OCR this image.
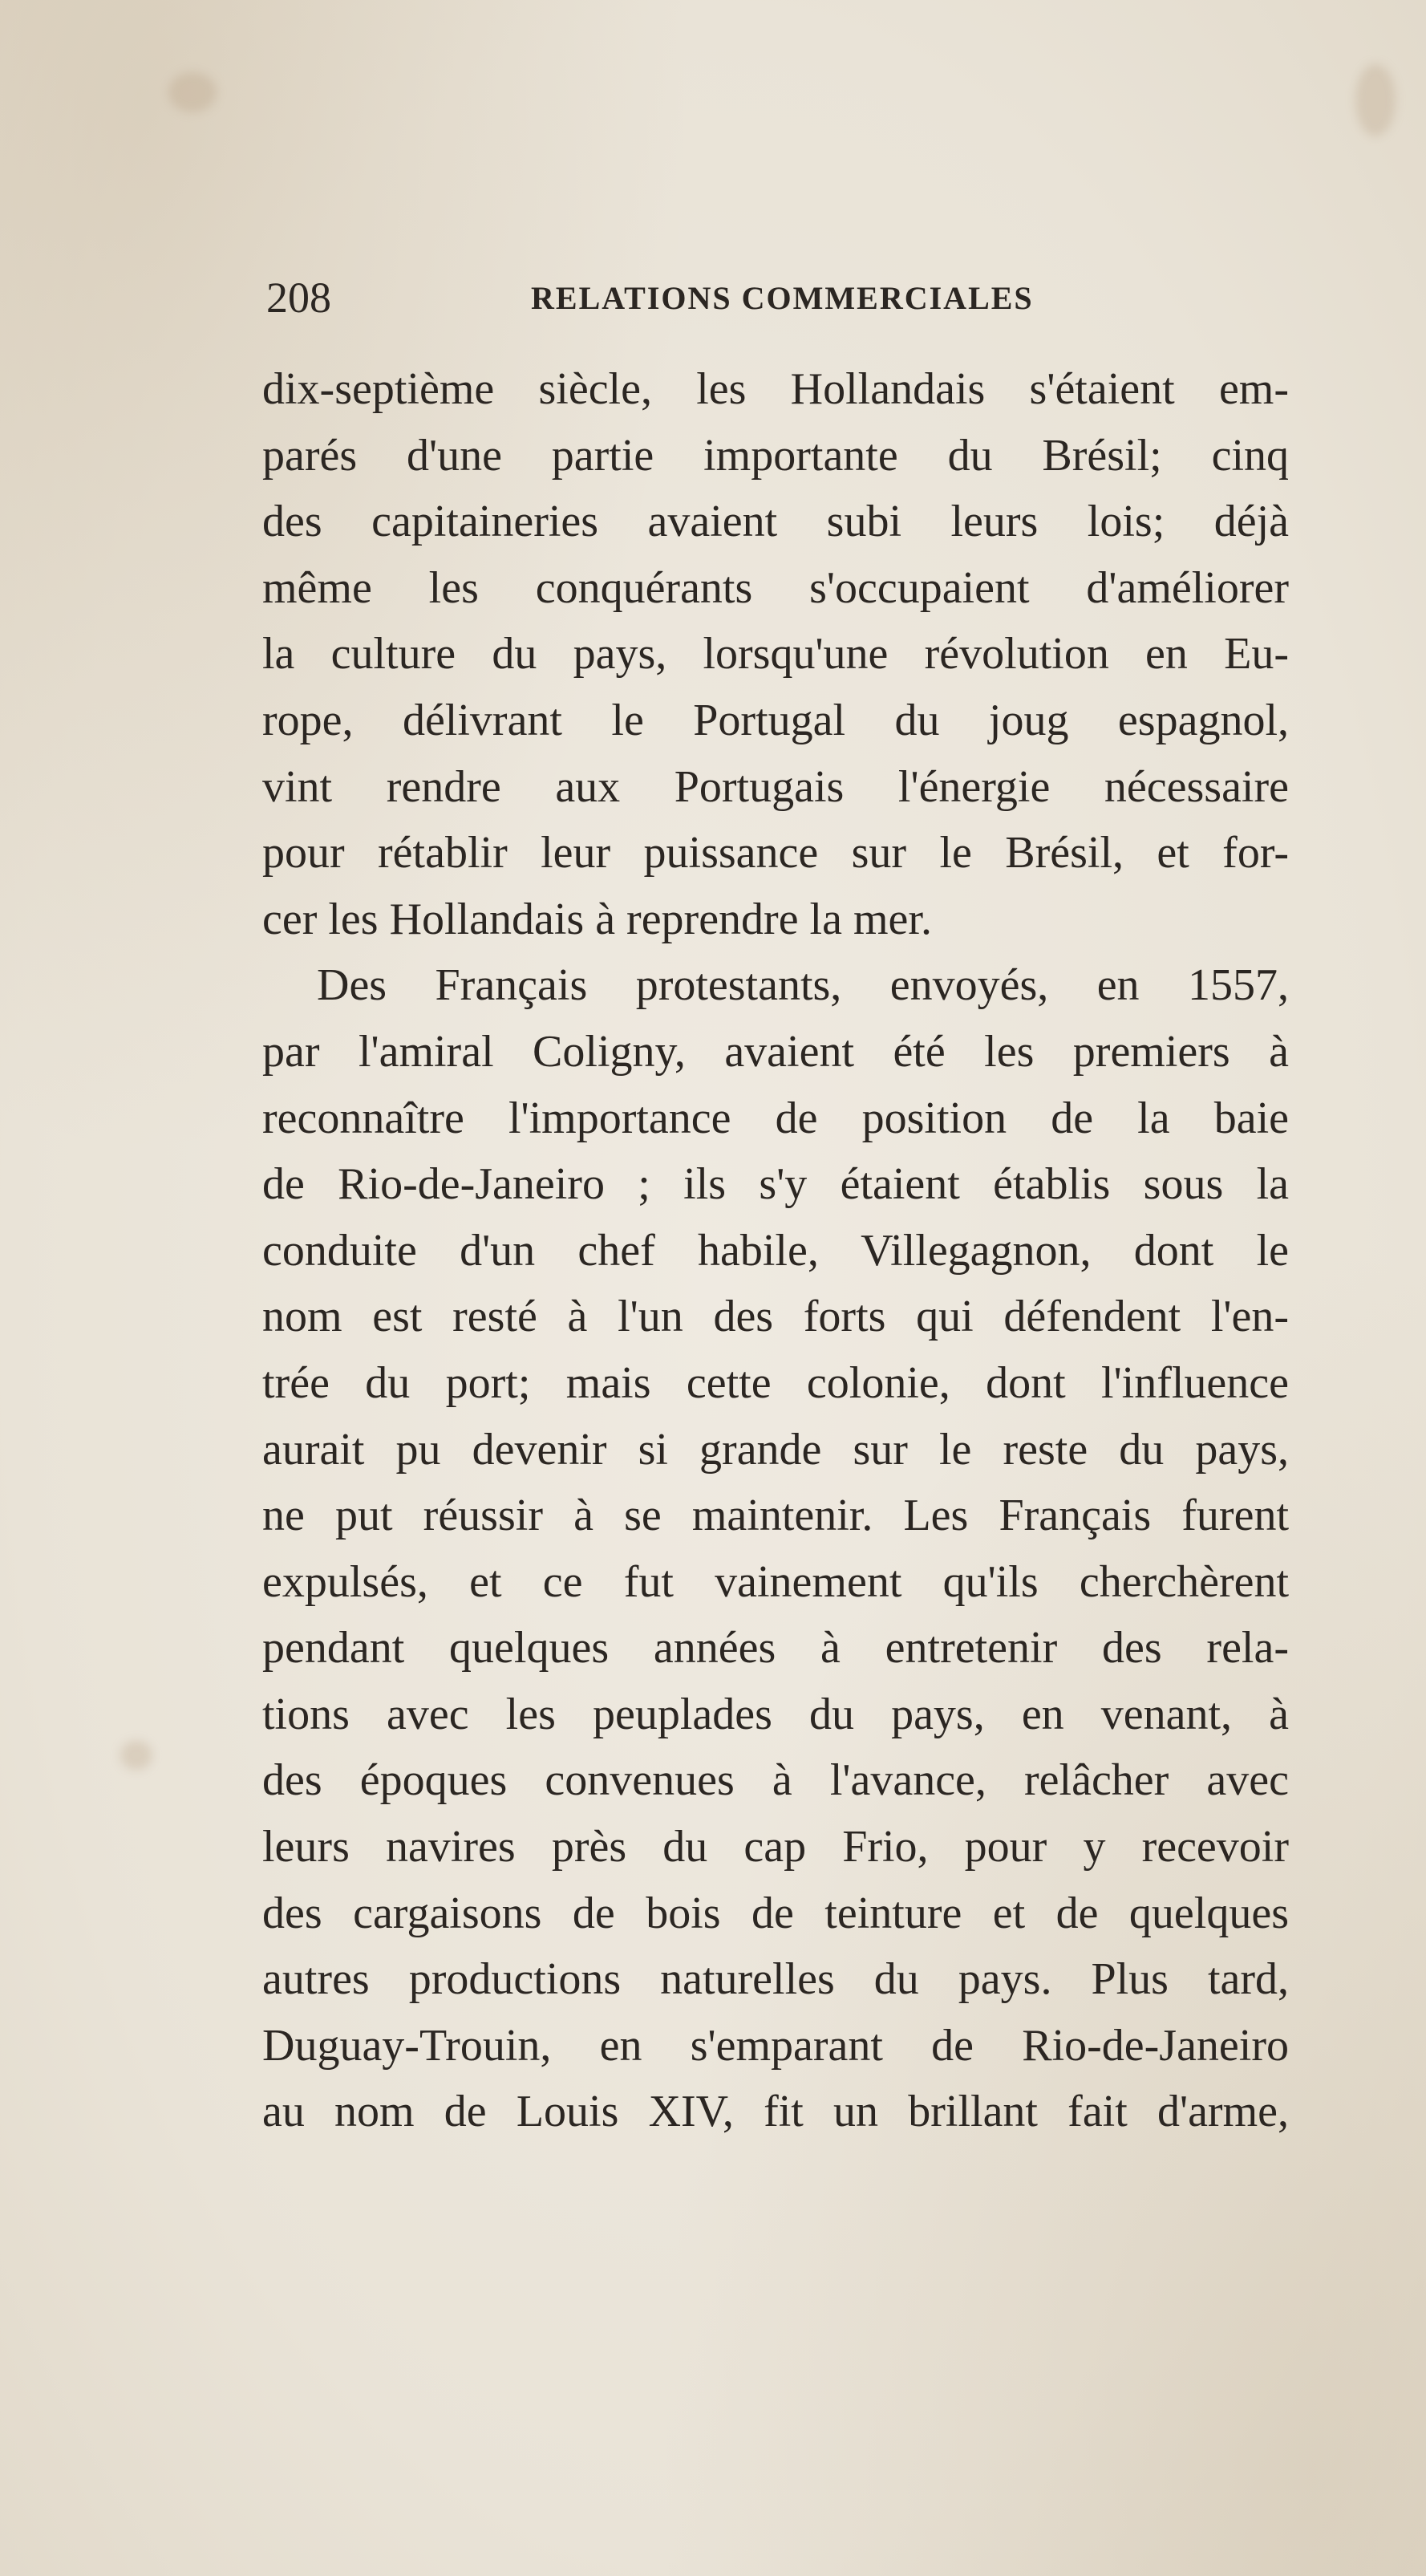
208	RELATIONS COMMERCIALES
dix-septième siècle, les Hollandais s'étaient em-
parés d'une partie importante du Brésil; cinq
des capitaineries avaient subi leurs lois; déjà
même les conquérants s'occupaient d'améliorer
la culture du pays, lorsqu'une révolution en Eu-
rope, délivrant le Portugal du joug espagnol,
vint rendre aux Portugais l'énergie nécessaire
pour rétablir leur puissance sur le Brésil, et for-
cer les Hollandais à reprendre la mer.
Des Français protestants, envoyés, en 1557,
par l'amiral Coligny, avaient été les premiers à
reconnaître l'importance de position de la baie
de Rio-de-Janeiro ; ils s'y étaient établis sous la
conduite d'un chef habile, Villegagnon, dont le
nom est resté à l'un des forts qui défendent l'en-
trée du port; mais cette colonie, dont l'influence
aurait pu devenir si grande sur le reste du pays,
ne put réussir à se maintenir. Les Français furent
expulsés, et ce fut vainement qu'ils cherchèrent
pendant quelques années à entretenir des rela-
tions avec les peuplades du pays, en venant, à
des époques convenues à l'avance, relâcher avec
leurs navires près du cap Frio, pour y recevoir
des cargaisons de bois de teinture et de quelques
autres productions naturelles du pays. Plus tard,
Duguay-Trouin, en s'emparant de Rio-de-Janeiro
au nom de Louis XIV, fit un brillant fait d'arme,
